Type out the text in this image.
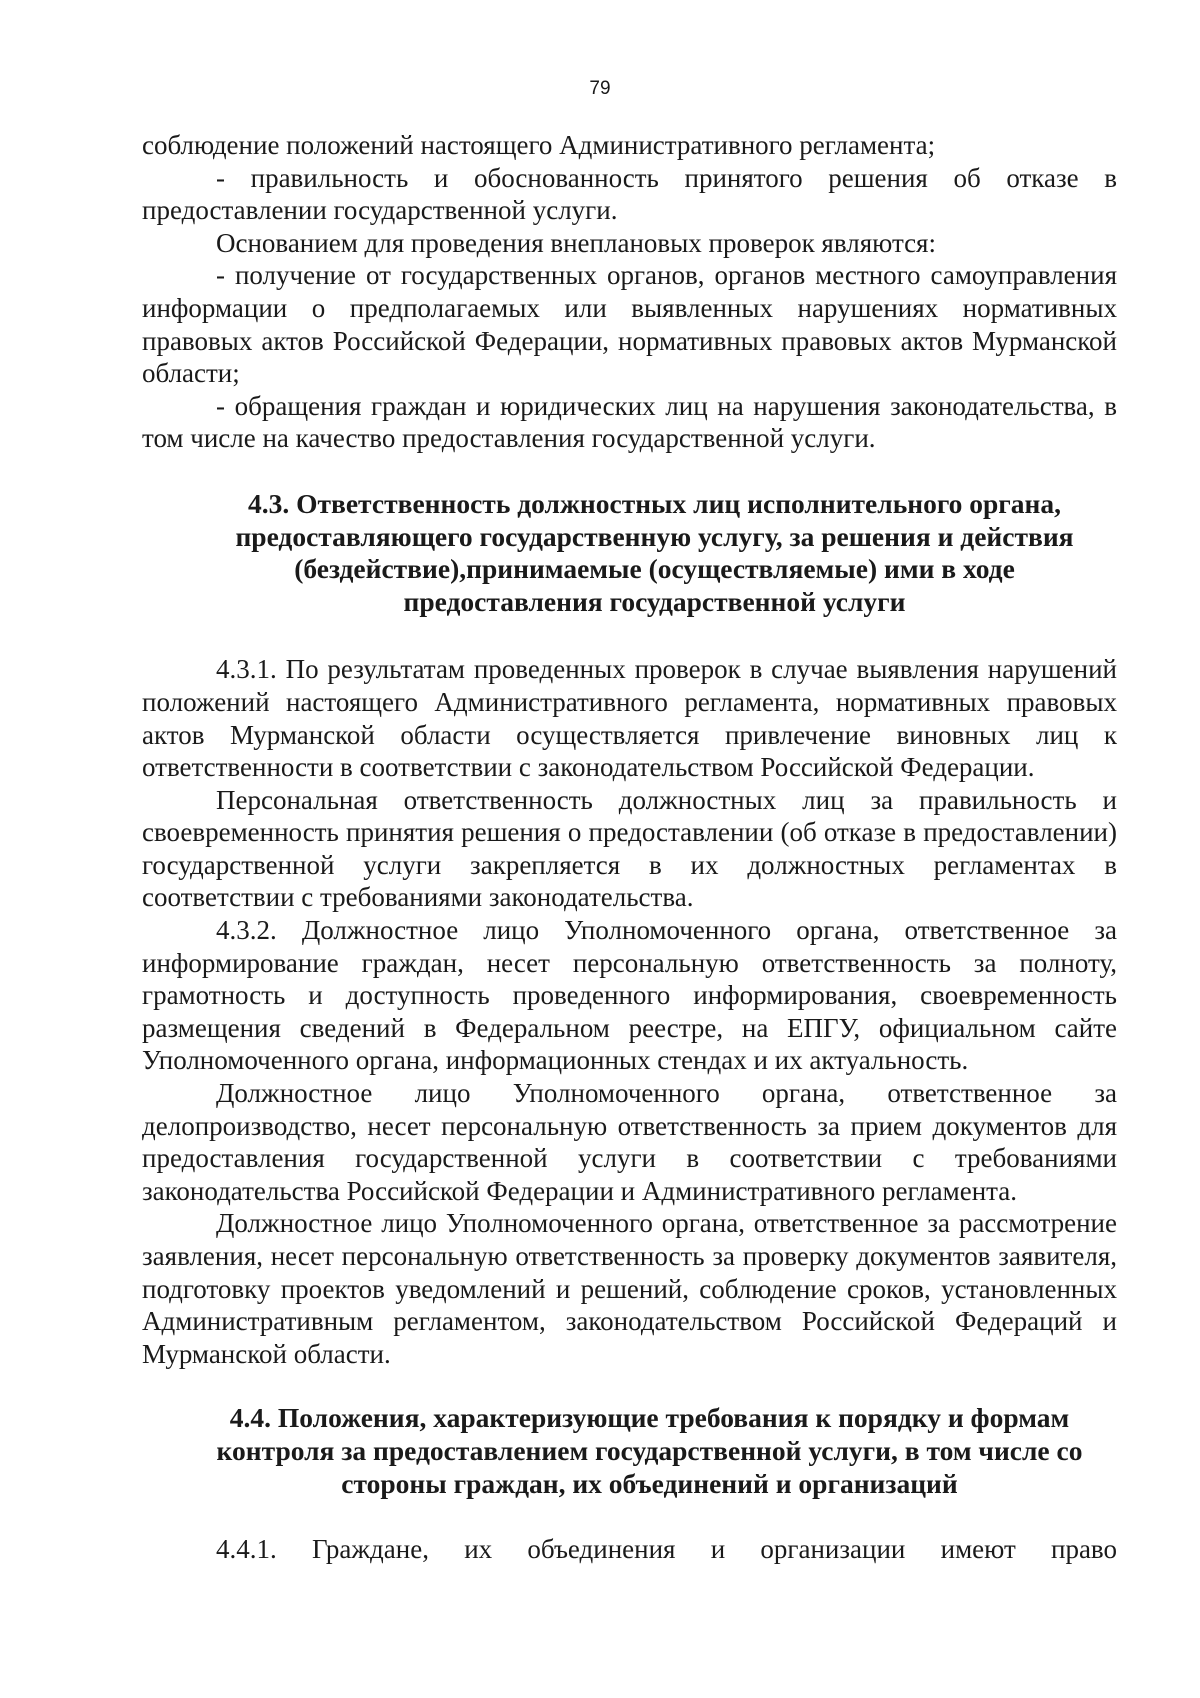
79

соблюдение положений настоящего Административного регламента;

- правильность и обоснованность принятого решения об отказе в предоставлении государственной услуги.

Основанием для проведения внеплановых проверок являются:

- получение от государственных органов, органов местного самоуправления информации о предполагаемых или выявленных нарушениях нормативных правовых актов Российской Федерации, нормативных правовых актов Мурманской области;

- обращения граждан и юридических лиц на нарушения законодательства, в том числе на качество предоставления государственной услуги.

4.3. Ответственность должностных лиц исполнительного органа, предоставляющего государственную услугу, за решения и действия (бездействие),принимаемые (осуществляемые) ими в ходе предоставления государственной услуги

4.3.1. По результатам проведенных проверок в случае выявления нарушений положений настоящего Административного регламента, нормативных правовых актов Мурманской области осуществляется привлечение виновных лиц к ответственности в соответствии с законодательством Российской Федерации.

Персональная ответственность должностных лиц за правильность и своевременность принятия решения о предоставлении (об отказе в предоставлении) государственной услуги закрепляется в их должностных регламентах в соответствии с требованиями законодательства.

4.3.2. Должностное лицо Уполномоченного органа, ответственное за информирование граждан, несет персональную ответственность за полноту, грамотность и доступность проведенного информирования, своевременность размещения сведений в Федеральном реестре, на ЕПГУ, официальном сайте Уполномоченного органа, информационных стендах и их актуальность.

Должностное лицо Уполномоченного органа, ответственное за делопроизводство, несет персональную ответственность за прием документов для предоставления государственной услуги в соответствии с требованиями законодательства Российской Федерации и Административного регламента.

Должностное лицо Уполномоченного органа, ответственное за рассмотрение заявления, несет персональную ответственность за проверку документов заявителя, подготовку проектов уведомлений и решений, соблюдение сроков, установленных Административным регламентом, законодательством Российской Федераций и Мурманской области.

4.4. Положения, характеризующие требования к порядку и формам контроля за предоставлением государственной услуги, в том числе со стороны граждан, их объединений и организаций

4.4.1. Граждане, их объединения и организации имеют право
